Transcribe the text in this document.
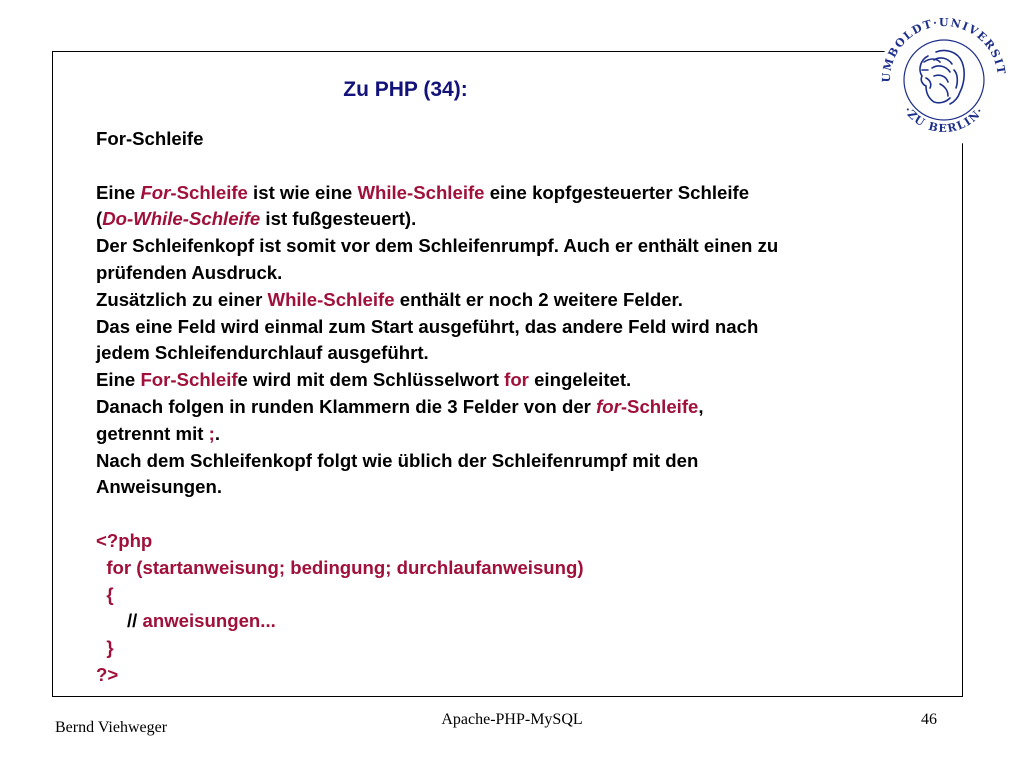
Zu PHP (34):
For-Schleife
Eine For-Schleife ist wie eine While-Schleife eine kopfgesteuerter Schleife
(Do-While-Schleife ist fußgesteuert).
Der Schleifenkopf ist somit vor dem Schleifenrumpf. Auch er enthält einen zu
prüfenden Ausdruck.
Zusätzlich zu einer While-Schleife enthält er noch 2 weitere Felder.
Das eine Feld wird einmal zum Start ausgeführt, das andere Feld wird nach
jedem Schleifendurchlauf ausgeführt.
Eine For-Schleife wird mit dem Schlüsselwort for eingeleitet.
Danach folgen in runden Klammern die 3 Felder von der for-Schleife,
getrennt mit ;.
Nach dem Schleifenkopf folgt wie üblich der Schleifenrumpf mit den
Anweisungen.
<?php
for (startanweisung; bedingung; durchlaufanweisung)
{
// anweisungen...
}
?>
UMBOLDT·UNIVERSIT
·ZU BERLIN·
Bernd Viehweger	Apache-PHP-MySQL	46
